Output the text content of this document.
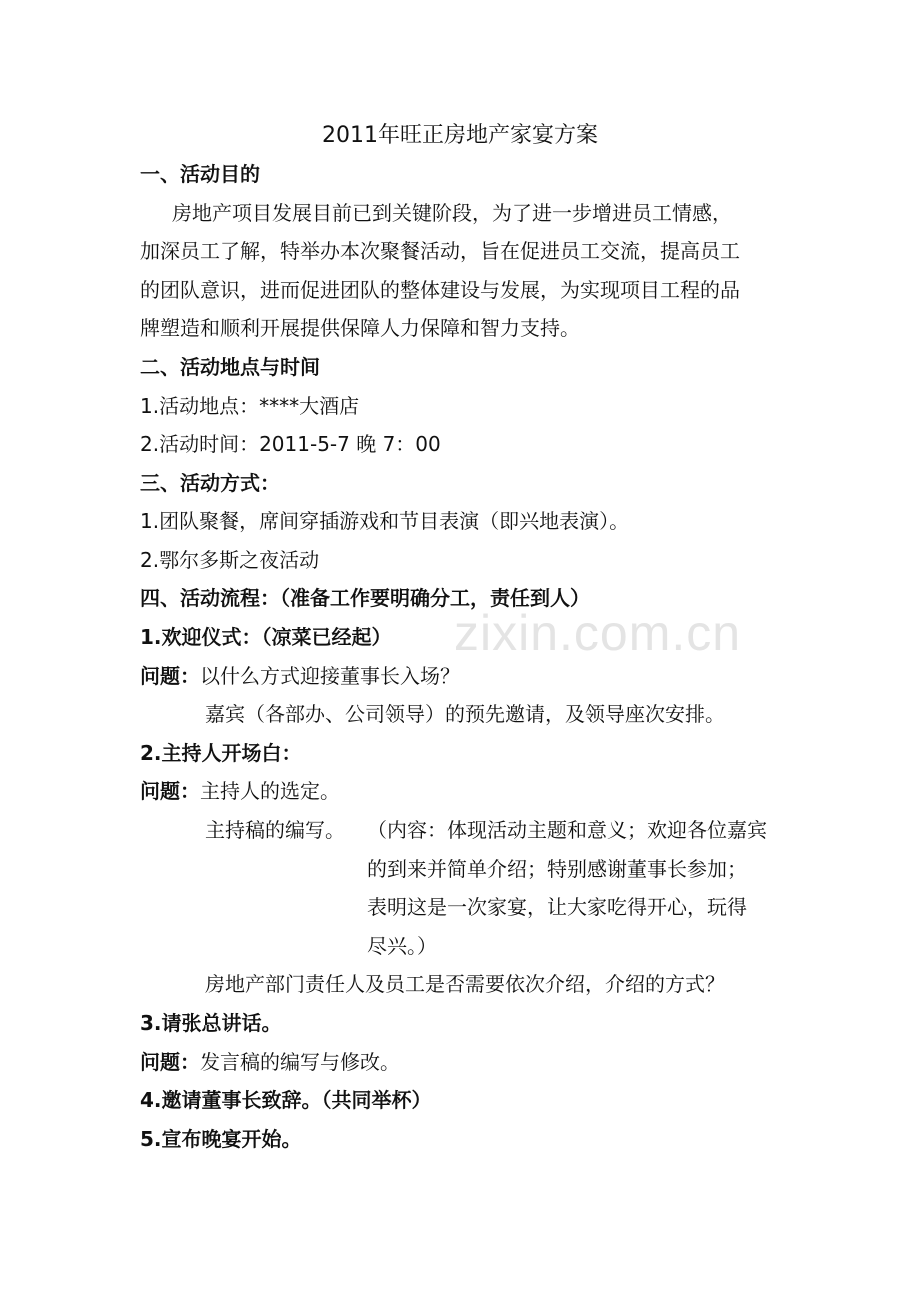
zixin.com.cn
2011年旺正房地产家宴方案
一、活动目的
房地产项目发展目前已到关键阶段，为了进一步增进员工情感，
加深员工了解，特举办本次聚餐活动，旨在促进员工交流，提高员工
的团队意识，进而促进团队的整体建设与发展，为实现项目工程的品
牌塑造和顺利开展提供保障人力保障和智力支持。
二、活动地点与时间
1.活动地点：****大酒店
2.活动时间：2011-5-7 晚 7：00
三、活动方式：
1.团队聚餐，席间穿插游戏和节目表演（即兴地表演）。
2.鄂尔多斯之夜活动
四、活动流程：（准备工作要明确分工，责任到人）
1.欢迎仪式：（凉菜已经起）
问题：以什么方式迎接董事长入场？
嘉宾（各部办、公司领导）的预先邀请，及领导座次安排。
2.主持人开场白：
问题：主持人的选定。
主持稿的编写。	（内容：体现活动主题和意义；欢迎各位嘉宾
的到来并简单介绍；特别感谢董事长参加；
表明这是一次家宴，让大家吃得开心，玩得
尽兴。）
房地产部门责任人及员工是否需要依次介绍，介绍的方式？
3.请张总讲话。
问题：发言稿的编写与修改。
4.邀请董事长致辞。（共同举杯）
5.宣布晚宴开始。
